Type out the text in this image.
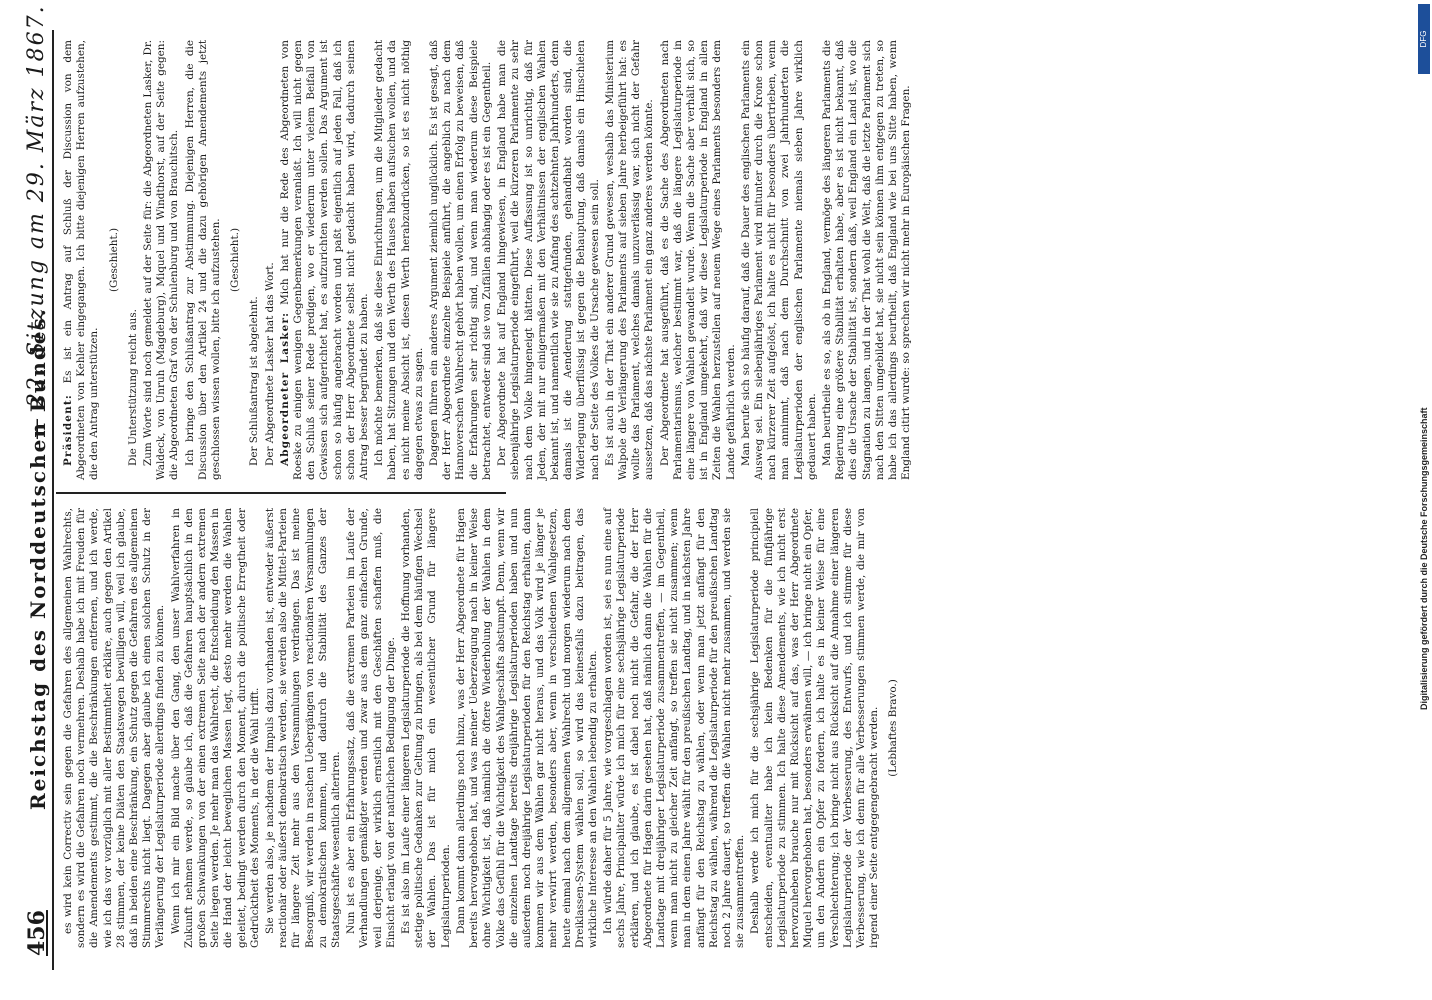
456
Reichstag des Norddeutschen Bundes.
— 22. Sitzung am 29. März 1867.

es wird kein Correctiv sein gegen die Gefahren des allgemeinen Wahlrechts, sondern es wird die Gefahren noch vermehren. Deshalb habe ich mit Freuden für die Amendements gestimmt, die die Beschränkungen entfernen, und ich werde, wie ich das vor vorzüglich mit aller Bestimmtheit erkläre, auch gegen den Artikel 28 stimmen, der keine Diäten den Staatswegen bewilligen will, weil ich glaube, daß in beiden eine Beschränkung, ein Schutz gegen die Gefahren des allgemeinen Stimmrechts nicht liegt. Dagegen aber glaube ich einen solchen Schutz in der Verlängerung der Legislaturperiode allerdings finden zu können. Wenn ich mir ein Bild mache über den Gang, den unser Wahlverfahren in Zukunft nehmen werde, so glaube ich, daß die Gefahren hauptsächlich in den großen Schwankungen von der einen extremen Seite nach der andern extremen Seite liegen werden. Je mehr man das Wahlrecht, die Entscheidung den Massen in die Hand der leicht beweglichen Massen legt, desto mehr werden die Wahlen geleitet, bedingt werden durch den Moment, durch die politische Erregtheit oder Gedrücktheit des Moments, in der die Wahl trifft. Sie werden also, je nachdem der Impuls dazu vorhanden ist, entweder äußerst reactionär oder äußerst demokratisch werden, sie werden also die Mittel-Parteien für längere Zeit mehr aus den Versammlungen verdrängen. Das ist meine Besorgniß, wir werden in raschen Uebergängen von reactionären Versammlungen zu demokratischen kommen, und dadurch die Stabilität des Ganzes der Staatsgeschäfte wesentlich alteriren. Nun ist es aber ein Erfahrungssatz, daß die extremen Parteien im Laufe der Verhandlungen gemäßigter werden und zwar aus dem ganz einfachen Grunde, weil derjenige, der wirklich ernstlich mit den Geschäften schaffen muß, die Einsicht erlangt von der natürlichen Bedingung der Dinge. Es ist also im Laufe einer längeren Legislaturperiode die Hoffnung vorhanden, stetige politische Gedanken zur Geltung zu bringen, als bei dem häufigen Wechsel der Wahlen. Das ist für mich ein wesentlicher Grund für längere Legislaturperioden. Dann kommt dann allerdings noch hinzu, was der Herr Abgeordnete für Hagen bereits hervorgehoben hat, und was meiner Ueberzeugung nach in keiner Weise ohne Wichtigkeit ist, daß nämlich die öftere Wiederholung der Wahlen in dem Volke das Gefühl für die Wichtigkeit des Wahlgeschäfts abstumpft. Denn, wenn wir die einzelnen Landtage bereits dreijährige Legislaturperioden haben und nun außerdem noch dreijährige Legislaturperioden für den Reichstag erhalten, dann kommen wir aus dem Wählen gar nicht heraus, und das Volk wird je länger je mehr verwirrt werden, besonders aber, wenn in verschiedenen Wahlgesetzen, heute einmal nach dem allgemeinen Wahlrecht und morgen wiederum nach dem Dreiklassen-System wählen soll, so wird das keinesfalls dazu beitragen, das wirkliche Interesse an den Wahlen lebendig zu erhalten. Ich würde daher für 5 Jahre, wie vorgeschlagen worden ist, sei es nun eine auf sechs Jahre, Principaliter würde ich mich für eine sechsjährige Legislaturperiode erklären, und ich glaube, es ist dabei noch nicht die Gefahr, die der Herr Abgeordnete für Hagen darin gesehen hat, daß nämlich dann die Wahlen für die Landtage mit dreijähriger Legislaturperiode zusammentreffen, — im Gegentheil, wenn man nicht zu gleicher Zeit anfängt, so treffen sie nicht zusammen; wenn man in dem einen Jahre wählt für den preußischen Landtag, und in nächsten Jahre anfängt für den Reichstag zu wählen, oder wenn man jetzt anfängt für den Reichstag zu wählen, während die Legislaturperiode für den preußischen Landtag noch 2 Jahre dauert, so treffen die Wahlen nicht mehr zusammen, und werden sie sie zusammentreffen. Deshalb werde ich mich für die sechsjährige Legislaturperiode principiell entscheiden, eventualiter habe ich kein Bedenken für die fünfjährige Legislaturperiode zu stimmen. Ich halte diese Amendements, wie ich nicht erst hervorzuheben brauche nur mit Rücksicht auf das, was der Herr Abgeordnete Miquel hervorgehoben hat, besonders erwähnen will, — ich bringe nicht ein Opfer, um den Andern ein Opfer zu fordern, ich halte es in keiner Weise für eine Verschlechterung; ich bringe nicht aus Rücksicht auf die Annahme einer längeren Legislaturperiode der Verbesserung, des Entwurfs, und ich stimme für diese Verbesserung, wie ich denn für alle Verbesserungen stimmen werde, die mir von irgend einer Seite entgegengebracht werden. (Lebhaftes Bravo.)

Präsident: Es ist ein Antrag auf Schluß der Discussion von dem Abgeordneten von Kehler eingegangen. Ich bitte diejenigen Herren aufzustehen, die den Antrag unterstützen.

(Geschieht.)

Die Unterstützung reicht aus. Zum Worte sind noch gemeldet auf der Seite für: die Abgeordneten Lasker, Dr. Waldeck, von Unruh (Magdeburg), Miquel und Windthorst, auf der Seite gegen: die Abgeordneten Graf von der Schulenburg und von Brauchitsch. Ich bringe den Schlußantrag zur Abstimmung. Diejenigen Herren, die die Discussion über den Artikel 24 und die dazu gehörigen Amendements jetzt geschlossen wissen wollen, bitte ich aufzustehen. (Geschieht.)

Der Schlußantrag ist abgelehnt. Der Abgeordnete Lasker hat das Wort. Abgeordneter Lasker: Mich hat nur die Rede des Abgeordneten von Roeske zu einigen wenigen Gegenbemerkungen veranlaßt. Ich will nicht gegen den Schluß seiner Rede predigen, wo er wiederum unter vielem Beifall von Gewissen sich aufgerichtet hat, es aufzurichten werden sollen. Das Argument ist schon so häufig angebracht worden und paßt eigentlich auf jeden Fall, daß ich schon der Herr Abgeordnete selbst nicht gedacht haben wird, dadurch seinen Antrag besser begründet zu haben. Ich möchte bemerken, daß sie diese Einrichtungen, um die Mitglieder gedacht haben, hat Sitzungen und den Werth des Hauses haben aufsuchen wollen, und da es nicht meine Absicht ist, diesen Werth herabzudrücken, so ist es nicht nöthig dagegen etwas zu sagen. Dagegen führen ein anderes Argument ziemlich unglücklich. Es ist gesagt, daß der Herr Abgeordnete einzelne Beispiele anführt, die angeblich zu nach dem Hannoverschen Wahlrecht gehört haben wollen, um einen Erfolg zu beweisen, daß die Erfahrungen sehr richtig sind, und wenn man wiederum diese Beispiele betrachtet, entweder sind sie von Zufällen abhängig oder es ist ein Gegentheil. Der Abgeordnete hat auf England hingewiesen, in England habe man die siebenjährige Legislaturperiode eingeführt, weil die kürzeren Parlamente zu sehr nach dem Volke hingeneigt hätten. Diese Auffassung ist so unrichtig, daß für Jeden, der mit nur einigermaßen mit den Verhältnissen der englischen Wahlen bekannt ist, und namentlich wie sie zu Anfang des achtzehnten Jahrhunderts, denn damals ist die Aenderung stattgefunden, gehandhabt worden sind, die Widerlegung überflüssig ist gegen die Behauptung, daß damals ein Hinschielen nach der Seite des Volkes die Ursache gewesen sein soll. Es ist auch in der That ein anderer Grund gewesen, weshalb das Ministerium Walpole die Verlängerung des Parlaments auf sieben Jahre herbeigeführt hat: es wollte das Parlament, welches damals unzuverlässig war, sich nicht der Gefahr aussetzen, daß das nächste Parlament ein ganz anderes werden könnte. Der Abgeordnete hat ausgeführt, daß es die Sache des Abgeordneten nach Parlamentarismus, welcher bestimmt war, daß die längere Legislaturperiode in eine längere von Wahlen gewandelt wurde. Wenn die Sache aber verhält sich, so ist in England umgekehrt, daß wir diese Legislaturperiode in England in allen Zeiten die Wahlen herzustellen auf neuem Wege eines Parlaments besonders dem Lande gefährlich werden. Man berufe sich so häufig darauf, daß die Dauer des englischen Parlaments ein Ausweg sei. Ein siebenjähriges Parlament wird mitunter durch die Krone schon nach kürzerer Zeit aufgelöst, ich halte es nicht für besonders übertrieben, wenn man annimmt, daß nach dem Durchschnitt von zwei Jahrhunderten die Legislaturperioden der englischen Parlamente niemals sieben Jahre wirklich gedauert haben. Man beurtheile es so, als ob in England, vermöge des längeren Parlaments die Regierung eine größere Stabilität erhalten habe, aber es ist nicht bekannt, daß dies die Ursache der Stabilität ist, sondern daß, weil England ein Land ist, wo die Stagnation zu langen, und in der That wohl die Welt, daß die letzte Parlament sich nach den Sitten umgebildet hat, sie nicht sein können ihm entgegen zu treten, so habe ich das allerdings beurtheilt, daß England wie bei uns Sitte haben, wenn England citirt wurde: so sprechen wir nicht mehr in Europäischen Fragen.

DFG
Digitalisierung gefördert durch die Deutsche Forschungsgemeinschaft
